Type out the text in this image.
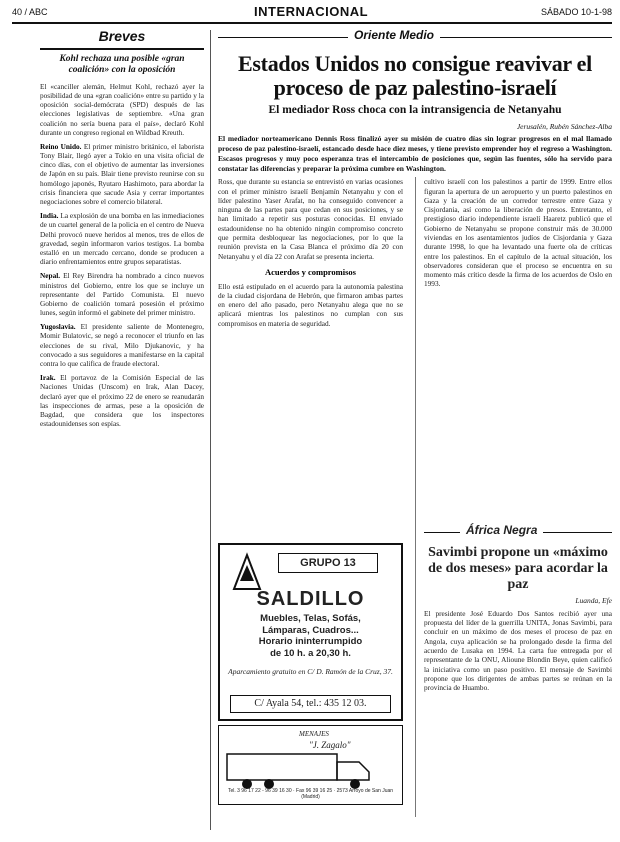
40 / ABC	INTERNACIONAL	SÁBADO 10-1-98
Breves
Kohl rechaza una posible «gran coalición» con la oposición

El «canciller alemán, Helmut Kohl, rechazó ayer la posibilidad de una «gran coalición» entre su partido y la oposición social-demócrata (SPD) después de las elecciones legislativas de septiembre. «Una gran coalición no sería buena para el país», declaró Kohl durante un congreso regional en Wildbad Kreuth.

Reino Unido. El primer ministro británico, el laborista Tony Blair, llegó ayer a Tokio en una visita oficial de cinco días, con el objetivo de aumentar las inversiones de Japón en su país. Blair tiene previsto reunirse con su homólogo japonés, Ryutaro Hashimoto, para abordar la crisis financiera que sacude Asia y cerrar importantes negociaciones sobre el comercio bilateral.

India. La explosión de una bomba en las inmediaciones de un cuartel general de la policía en el centro de Nueva Delhi provocó nueve heridos al menos, tres de ellos de gravedad, según informaron varios testigos. La bomba estalló en un mercado cercano, donde se producen a diario enfrentamientos entre grupos separatistas.

Nepal. El Rey Birendra ha nombrado a cinco nuevos ministros del Gobierno, entre los que se incluye un representante del Partido Comunista. El nuevo Gobierno de coalición tomará posesión el próximo lunes, según informó el gabinete del primer ministro.

Yugoslavia. El presidente saliente de Montenegro, Momir Bulatovic, se negó a reconocer el triunfo en las elecciones de su rival, Milo Djukanovic, y ha convocado a sus seguidores a manifestarse en la capital contra lo que califica de fraude electoral.

Irak. El portavoz de la Comisión Especial de las Naciones Unidas (Unscom) en Irak, Alan Dacey, declaró ayer que el próximo 22 de enero se reanudarán las inspecciones de armas, pese a la oposición de Bagdad, que considera que los inspectores estadounidenses son espías.

Oriente Medio
Estados Unidos no consigue reavivar el proceso de paz palestino-israelí
El mediador Ross choca con la intransigencia de Netanyahu
Jerusalén, Rubén Sánchez-Alba

El mediador norteamericano Dennis Ross finalizó ayer su misión de cuatro días sin lograr progresos en el mal llamado proceso de paz palestino-israelí, estancado desde hace diez meses, y tiene previsto emprender hoy el regreso a Washington. Escasos progresos y muy poco esperanza tras el intercambio de posiciones que, según las fuentes, sólo ha servido para constatar las diferencias y preparar la próxima cumbre en Washington.

Ross, que durante su estancia se entrevistó en varias ocasiones con el primer ministro israelí Benjamín Netanyahu y con el líder palestino Yaser Arafat, no ha conseguido convencer a ninguna de las partes para que cedan en sus posiciones, y se han limitado a repetir sus posturas conocidas. El enviado estadounidense no ha obtenido ningún compromiso concreto que permita desbloquear las negociaciones, por lo que la reunión prevista en la Casa Blanca el próximo día 20 con Netanyahu y el día 22 con Arafat se presenta incierta.

Acuerdos y compromisos

Ello está estipulado en el acuerdo para la autonomía palestina de la ciudad cisjordana de Hebrón, que firmaron ambas partes en enero del año pasado, pero Netanyahu alega que no se aplicará mientras los palestinos no cumplan con sus compromisos en materia de seguridad.

GRUPO 13
SALDILLO
Muebles, Telas, Sofás,
Lámparas, Cuadros...
Horario ininterrumpido
de 10 h. a 20,30 h.
Aparcamiento gratuito en C/ D. Ramón de la Cruz, 37.
C/ Ayala 54, tel.: 435 12 03.
MENAJES
"J. Zagalo"
Tel. 3 96 17 22 - 96 39 16 30 · Fax 96 39 16 25 · 2573 Arroyo de San Juan (Madrid)

cultivo israelí con los palestinos a partir de 1999. Entre ellos figuran la apertura de un aeropuerto y un puerto palestinos en Gaza y la creación de un corredor terrestre entre Gaza y Cisjordania, así como la liberación de presos. Entretanto, el prestigioso diario independiente israelí Haaretz publicó que el Gobierno de Netanyahu se propone construir más de 30.000 viviendas en los asentamientos judíos de Cisjordania y Gaza durante 1998, lo que ha levantado una fuerte ola de críticas entre los palestinos. En el capítulo de la actual situación, los observadores consideran que el proceso se encuentra en su momento más crítico desde la firma de los acuerdos de Oslo en 1993.

África Negra
Savimbi propone un «máximo de dos meses» para acordar la paz
Luanda, Efe

El presidente José Eduardo Dos Santos recibió ayer una propuesta del líder de la guerrilla UNITA, Jonas Savimbi, para concluir en un máximo de dos meses el proceso de paz en Angola, cuya aplicación se ha prolongado desde la firma del acuerdo de Lusaka en 1994. La carta fue entregada por el representante de la ONU, Alioune Blondin Beye, quien calificó la iniciativa como un paso positivo. El mensaje de Savimbi propone que los dirigentes de ambas partes se reúnan en la provincia de Huambo.
